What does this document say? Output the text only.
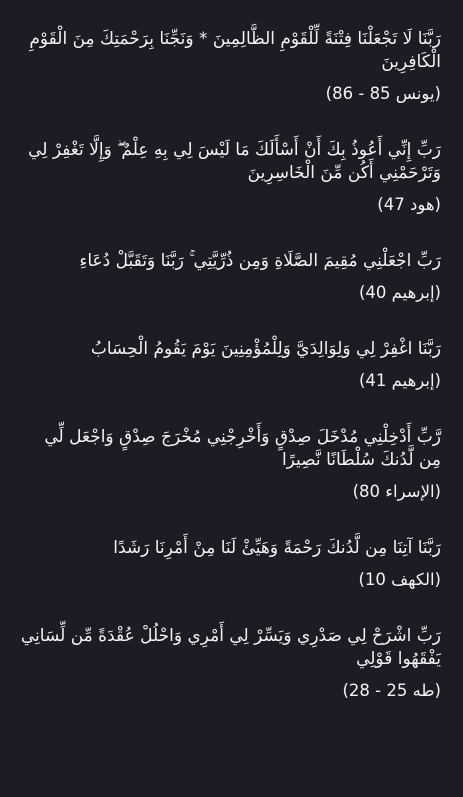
رَبَّنَا لَا تَجْعَلْنَا فِتْنَةً لِّلْقَوْمِ الظَّالِمِينَ * وَنَجِّنَا بِرَحْمَتِكَ مِنَ الْقَوْمِ الْكَافِرِينَ

(يونس 85 - 86)

رَبِّ إِنِّي أَعُوذُ بِكَ أَنْ أَسْأَلَكَ مَا لَيْسَ لِي بِهِ عِلْمٌ ۖ وَإِلَّا تَغْفِرْ لِي وَتَرْحَمْنِي أَكُن مِّنَ الْخَاسِرِينَ

(هود 47)

رَبِّ اجْعَلْنِي مُقِيمَ الصَّلَاةِ وَمِن ذُرِّيَّتِي ۚ رَبَّنَا وَتَقَبَّلْ دُعَاءِ

(إبرهيم 40)

رَبَّنَا اغْفِرْ لِي وَلِوَالِدَيَّ وَلِلْمُؤْمِنِينَ يَوْمَ يَقُومُ الْحِسَابُ

(إبرهيم 41)

رَّبِّ أَدْخِلْنِي مُدْخَلَ صِدْقٍ وَأَخْرِجْنِي مُخْرَجَ صِدْقٍ وَاجْعَل لِّي مِن لَّدُنكَ سُلْطَانًا نَّصِيرًا

(الإسراء 80)

رَبَّنَا آتِنَا مِن لَّدُنكَ رَحْمَةً وَهَيِّئْ لَنَا مِنْ أَمْرِنَا رَشَدًا

(الكهف 10)

رَبِّ اشْرَحْ لِي صَدْرِي وَيَسِّرْ لِي أَمْرِي وَاحْلُلْ عُقْدَةً مِّن لِّسَانِي يَفْقَهُوا قَوْلِي

(طه 25 - 28)
